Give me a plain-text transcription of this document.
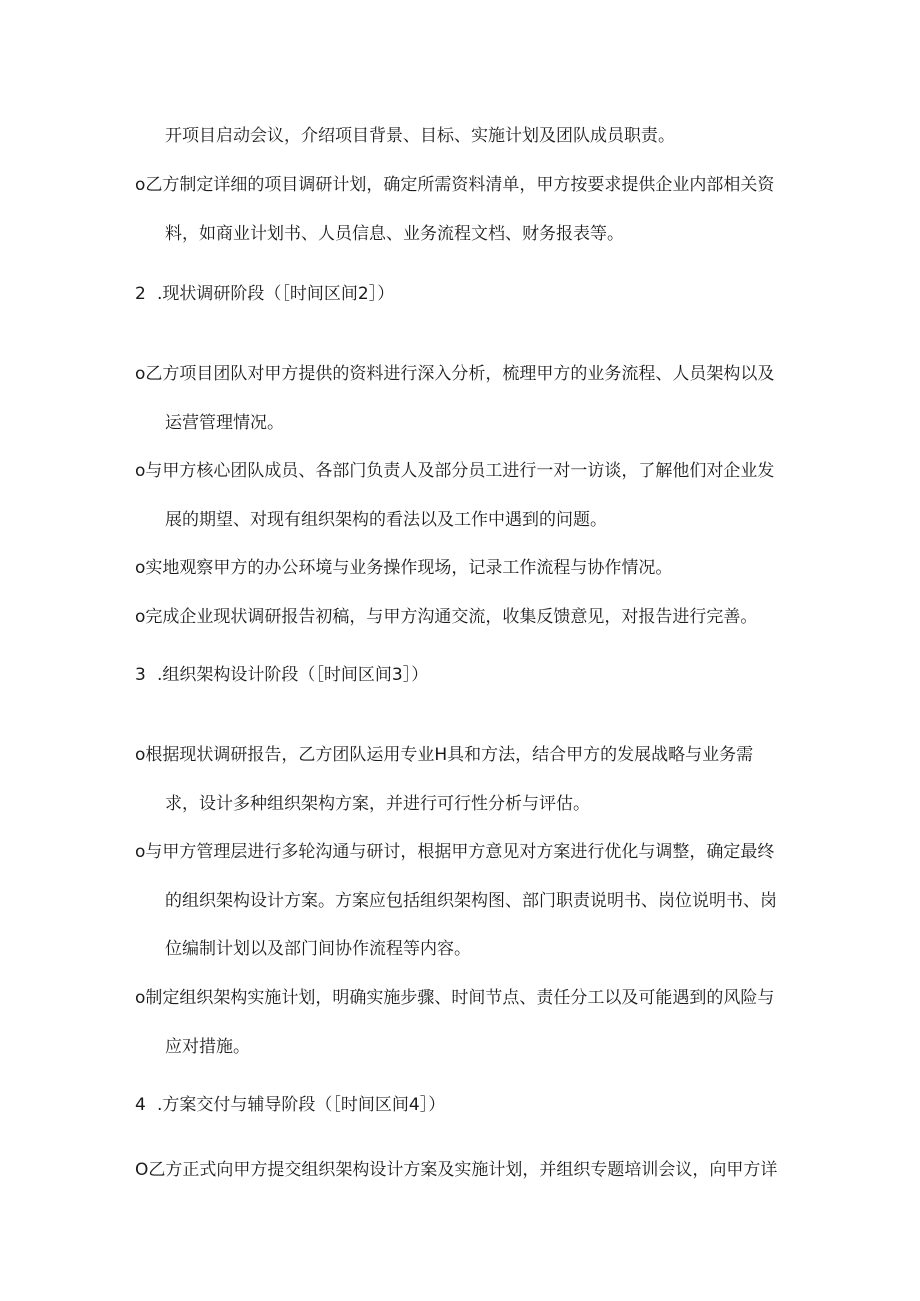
开项目启动会议，介绍项目背景、目标、实施计划及团队成员职责。
o乙方制定详细的项目调研计划，确定所需资料清单，甲方按要求提供企业内部相关资
料，如商业计划书、人员信息、业务流程文档、财务报表等。
2 .现状调研阶段（［时间区间2］）
o乙方项目团队对甲方提供的资料进行深入分析，梳理甲方的业务流程、人员架构以及
运营管理情况。
o与甲方核心团队成员、各部门负责人及部分员工进行一对一访谈，了解他们对企业发
展的期望、对现有组织架构的看法以及工作中遇到的问题。
o实地观察甲方的办公环境与业务操作现场，记录工作流程与协作情况。
o完成企业现状调研报告初稿，与甲方沟通交流，收集反馈意见，对报告进行完善。
3 .组织架构设计阶段（［时间区间3］）
o根据现状调研报告，乙方团队运用专业H具和方法，结合甲方的发展战略与业务需
求，设计多种组织架构方案，并进行可行性分析与评估。
o与甲方管理层进行多轮沟通与研讨，根据甲方意见对方案进行优化与调整，确定最终
的组织架构设计方案。方案应包括组织架构图、部门职责说明书、岗位说明书、岗
位编制计划以及部门间协作流程等内容。
o制定组织架构实施计划，明确实施步骤、时间节点、责任分工以及可能遇到的风险与
应对措施。
4 .方案交付与辅导阶段（［时间区间4］）
O乙方正式向甲方提交组织架构设计方案及实施计划，并组织专题培训会议，向甲方详
